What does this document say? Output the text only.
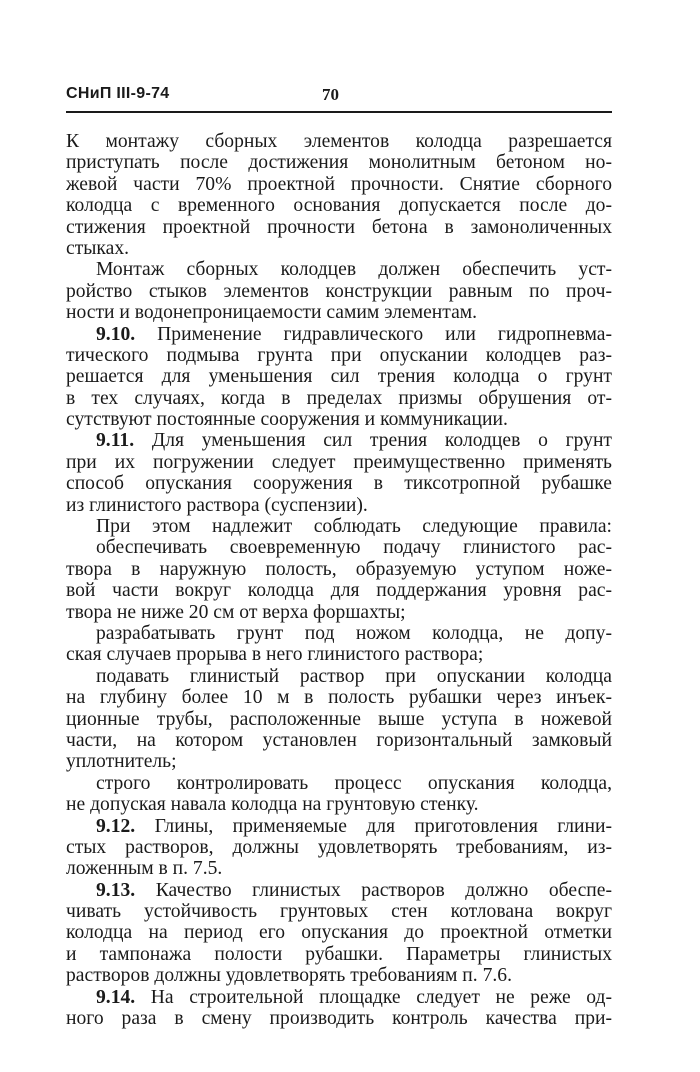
СНиП III-9-74	70
К монтажу сборных элементов колодца разрешается
приступать после достижения монолитным бетоном но-
жевой части 70% проектной прочности. Снятие сборного
колодца с временного основания допускается после до-
стижения проектной прочности бетона в замоноличенных
стыках.
Монтаж сборных колодцев должен обеспечить уст-
ройство стыков элементов конструкции равным по проч-
ности и водонепроницаемости самим элементам.
9.10. Применение гидравлического или гидропневма-
тического подмыва грунта при опускании колодцев раз-
решается для уменьшения сил трения колодца о грунт
в тех случаях, когда в пределах призмы обрушения от-
сутствуют постоянные сооружения и коммуникации.
9.11. Для уменьшения сил трения колодцев о грунт
при их погружении следует преимущественно применять
способ опускания сооружения в тиксотропной рубашке
из глинистого раствора (суспензии).
При этом надлежит соблюдать следующие правила:
обеспечивать своевременную подачу глинистого рас-
твора в наружную полость, образуемую уступом ноже-
вой части вокруг колодца для поддержания уровня рас-
твора не ниже 20 см от верха форшахты;
разрабатывать грунт под ножом колодца, не допу-
ская случаев прорыва в него глинистого раствора;
подавать глинистый раствор при опускании колодца
на глубину более 10 м в полость рубашки через инъек-
ционные трубы, расположенные выше уступа в ножевой
части, на котором установлен горизонтальный замковый
уплотнитель;
строго контролировать процесс опускания колодца,
не допуская навала колодца на грунтовую стенку.
9.12. Глины, применяемые для приготовления глини-
стых растворов, должны удовлетворять требованиям, из-
ложенным в п. 7.5.
9.13. Качество глинистых растворов должно обеспе-
чивать устойчивость грунтовых стен котлована вокруг
колодца на период его опускания до проектной отметки
и тампонажа полости рубашки. Параметры глинистых
растворов должны удовлетворять требованиям п. 7.6.
9.14. На строительной площадке следует не реже од-
ного раза в смену производить контроль качества при-
